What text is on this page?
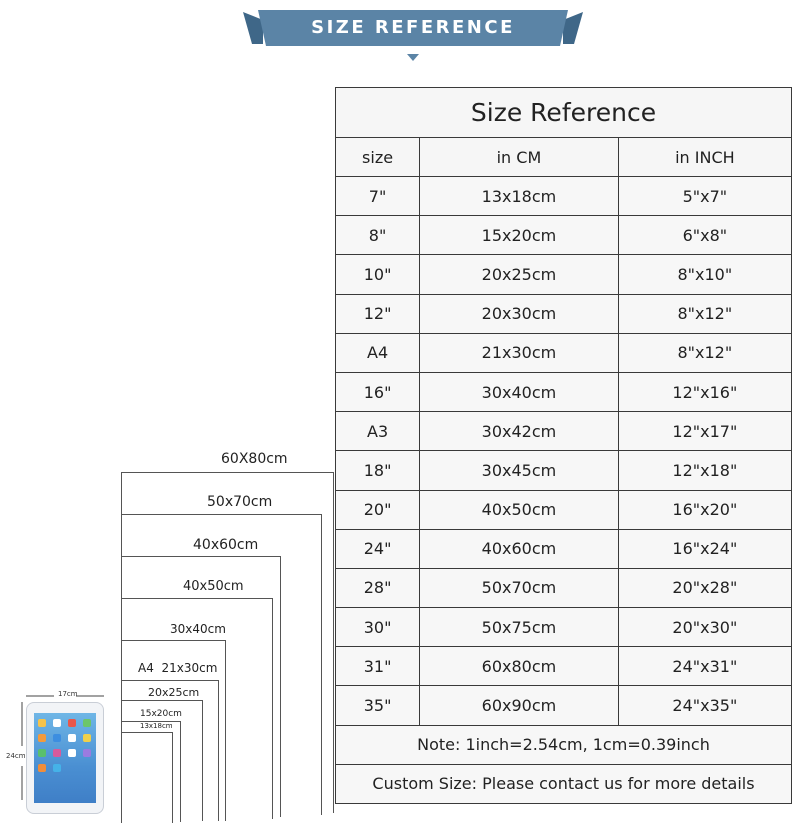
SIZE REFERENCE
Size Reference		
size	in CM	in INCH
7"	13x18cm	5"x7"
8"	15x20cm	6"x8"
10"	20x25cm	8"x10"
12"	20x30cm	8"x12"
A4	21x30cm	8"x12"
16"	30x40cm	12"x16"
A3	30x42cm	12"x17"
18"	30x45cm	12"x18"
20"	40x50cm	16"x20"
24"	40x60cm	16"x24"
28"	50x70cm	20"x28"
30"	50x75cm	20"x30"
31"	60x80cm	24"x31"
35"	60x90cm	24"x35"
Note: 1inch=2.54cm, 1cm=0.39inch		
Custom Size: Please contact us for more details		
60X80cm
50x70cm
40x60cm
40x50cm
30x40cm
A4  21x30cm
20x25cm
15x20cm
13x18cm
17cm
24cm
